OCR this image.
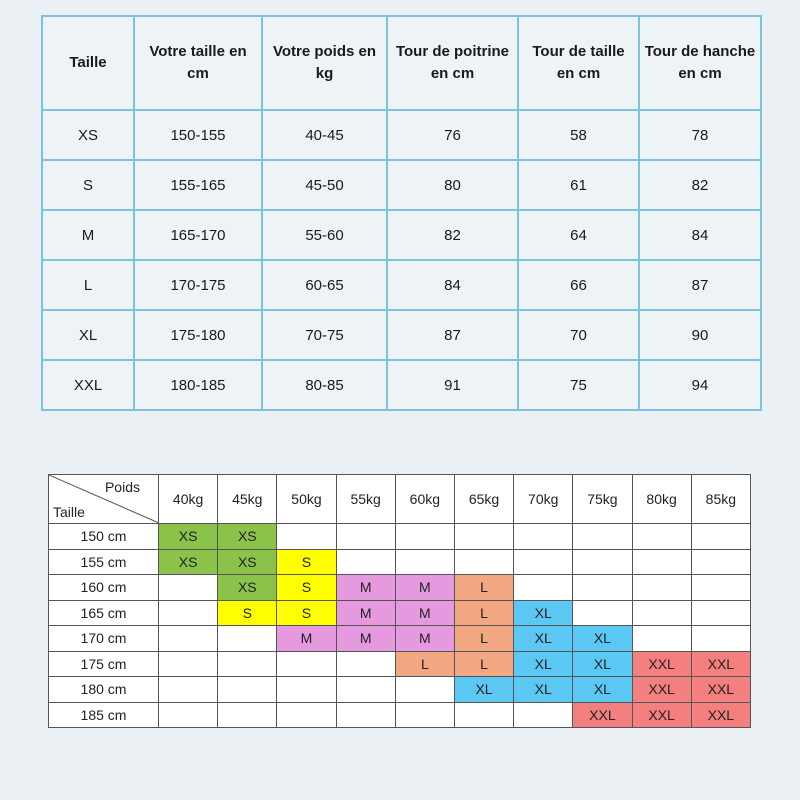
Taille	Votre taille en cm	Votre poids en kg	Tour de poitrine en cm	Tour de taille en cm	Tour de hanche en cm
XS	150-155	40-45	76	58	78
S	155-165	45-50	80	61	82
M	165-170	55-60	82	64	84
L	170-175	60-65	84	66	87
XL	175-180	70-75	87	70	90
XXL	180-185	80-85	91	75	94
Poids
Taille	40kg	45kg	50kg	55kg	60kg	65kg	70kg	75kg	80kg	85kg
150 cm	XS	XS								
155 cm	XS	XS	S							
160 cm		XS	S	M	M	L				
165 cm		S	S	M	M	L	XL			
170 cm			M	M	M	L	XL	XL		
175 cm					L	L	XL	XL	XXL	XXL
180 cm						XL	XL	XL	XXL	XXL
185 cm								XXL	XXL	XXL
